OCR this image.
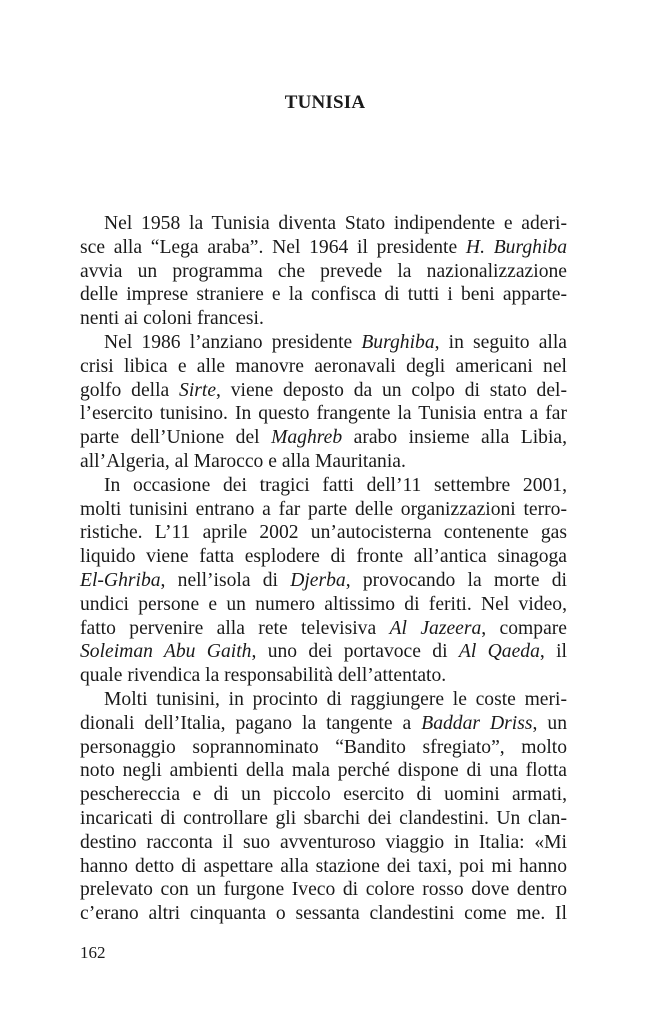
TUNISIA
Nel 1958 la Tunisia diventa Stato indipendente e aderi-
sce alla “Lega araba”. Nel 1964 il presidente H. Burghiba
avvia un programma che prevede la nazionalizzazione
delle imprese straniere e la confisca di tutti i beni apparte-
nenti ai coloni francesi.
Nel 1986 l’anziano presidente Burghiba, in seguito alla
crisi libica e alle manovre aeronavali degli americani nel
golfo della Sirte, viene deposto da un colpo di stato del-
l’esercito tunisino. In questo frangente la Tunisia entra a far
parte dell’Unione del Maghreb arabo insieme alla Libia,
all’Algeria, al Marocco e alla Mauritania.
In occasione dei tragici fatti dell’11 settembre 2001,
molti tunisini entrano a far parte delle organizzazioni terro-
ristiche. L’11 aprile 2002 un’autocisterna contenente gas
liquido viene fatta esplodere di fronte all’antica sinagoga
El-Ghriba, nell’isola di Djerba, provocando la morte di
undici persone e un numero altissimo di feriti. Nel video,
fatto pervenire alla rete televisiva Al Jazeera, compare
Soleiman Abu Gaith, uno dei portavoce di Al Qaeda, il
quale rivendica la responsabilità dell’attentato.
Molti tunisini, in procinto di raggiungere le coste meri-
dionali dell’Italia, pagano la tangente a Baddar Driss, un
personaggio soprannominato “Bandito sfregiato”, molto
noto negli ambienti della mala perché dispone di una flotta
peschereccia e di un piccolo esercito di uomini armati,
incaricati di controllare gli sbarchi dei clandestini. Un clan-
destino racconta il suo avventuroso viaggio in Italia: «Mi
hanno detto di aspettare alla stazione dei taxi, poi mi hanno
prelevato con un furgone Iveco di colore rosso dove dentro
c’erano altri cinquanta o sessanta clandestini come me. Il
162
